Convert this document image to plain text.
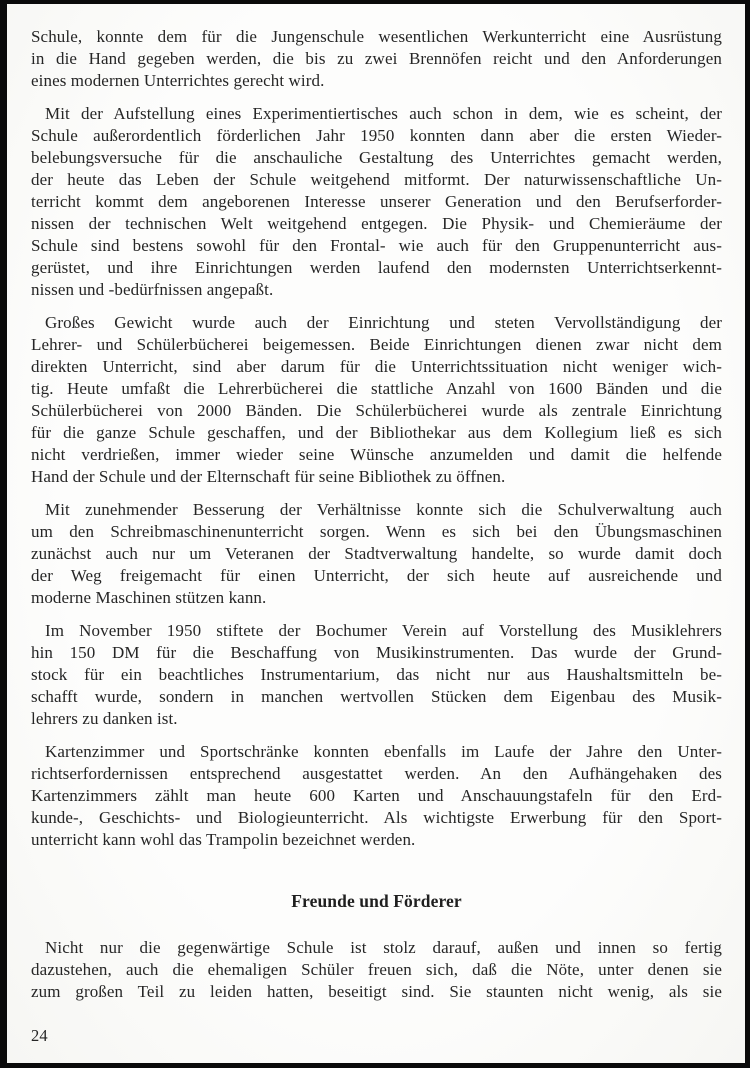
Schule, konnte dem für die Jungenschule wesentlichen Werkunterricht eine Ausrüstung
in die Hand gegeben werden, die bis zu zwei Brennöfen reicht und den Anforderungen
eines modernen Unterrichtes gerecht wird.
Mit der Aufstellung eines Experimentiertisches auch schon in dem, wie es scheint, der
Schule außerordentlich förderlichen Jahr 1950 konnten dann aber die ersten Wieder-
belebungsversuche für die anschauliche Gestaltung des Unterrichtes gemacht werden,
der heute das Leben der Schule weitgehend mitformt. Der naturwissenschaftliche Un-
terricht kommt dem angeborenen Interesse unserer Generation und den Berufserforder-
nissen der technischen Welt weitgehend entgegen. Die Physik- und Chemieräume der
Schule sind bestens sowohl für den Frontal- wie auch für den Gruppenunterricht aus-
gerüstet, und ihre Einrichtungen werden laufend den modernsten Unterrichtserkennt-
nissen und -bedürfnissen angepaßt.
Großes Gewicht wurde auch der Einrichtung und steten Vervollständigung der
Lehrer- und Schülerbücherei beigemessen. Beide Einrichtungen dienen zwar nicht dem
direkten Unterricht, sind aber darum für die Unterrichtssituation nicht weniger wich-
tig. Heute umfaßt die Lehrerbücherei die stattliche Anzahl von 1600 Bänden und die
Schülerbücherei von 2000 Bänden. Die Schülerbücherei wurde als zentrale Einrichtung
für die ganze Schule geschaffen, und der Bibliothekar aus dem Kollegium ließ es sich
nicht verdrießen, immer wieder seine Wünsche anzumelden und damit die helfende
Hand der Schule und der Elternschaft für seine Bibliothek zu öffnen.
Mit zunehmender Besserung der Verhältnisse konnte sich die Schulverwaltung auch
um den Schreibmaschinenunterricht sorgen. Wenn es sich bei den Übungsmaschinen
zunächst auch nur um Veteranen der Stadtverwaltung handelte, so wurde damit doch
der Weg freigemacht für einen Unterricht, der sich heute auf ausreichende und
moderne Maschinen stützen kann.
Im November 1950 stiftete der Bochumer Verein auf Vorstellung des Musiklehrers
hin 150 DM für die Beschaffung von Musikinstrumenten. Das wurde der Grund-
stock für ein beachtliches Instrumentarium, das nicht nur aus Haushaltsmitteln be-
schafft wurde, sondern in manchen wertvollen Stücken dem Eigenbau des Musik-
lehrers zu danken ist.
Kartenzimmer und Sportschränke konnten ebenfalls im Laufe der Jahre den Unter-
richtserfordernissen entsprechend ausgestattet werden. An den Aufhängehaken des
Kartenzimmers zählt man heute 600 Karten und Anschauungstafeln für den Erd-
kunde-, Geschichts- und Biologieunterricht. Als wichtigste Erwerbung für den Sport-
unterricht kann wohl das Trampolin bezeichnet werden.
Freunde und Förderer
Nicht nur die gegenwärtige Schule ist stolz darauf, außen und innen so fertig
dazustehen, auch die ehemaligen Schüler freuen sich, daß die Nöte, unter denen sie
zum großen Teil zu leiden hatten, beseitigt sind. Sie staunten nicht wenig, als sie
24
